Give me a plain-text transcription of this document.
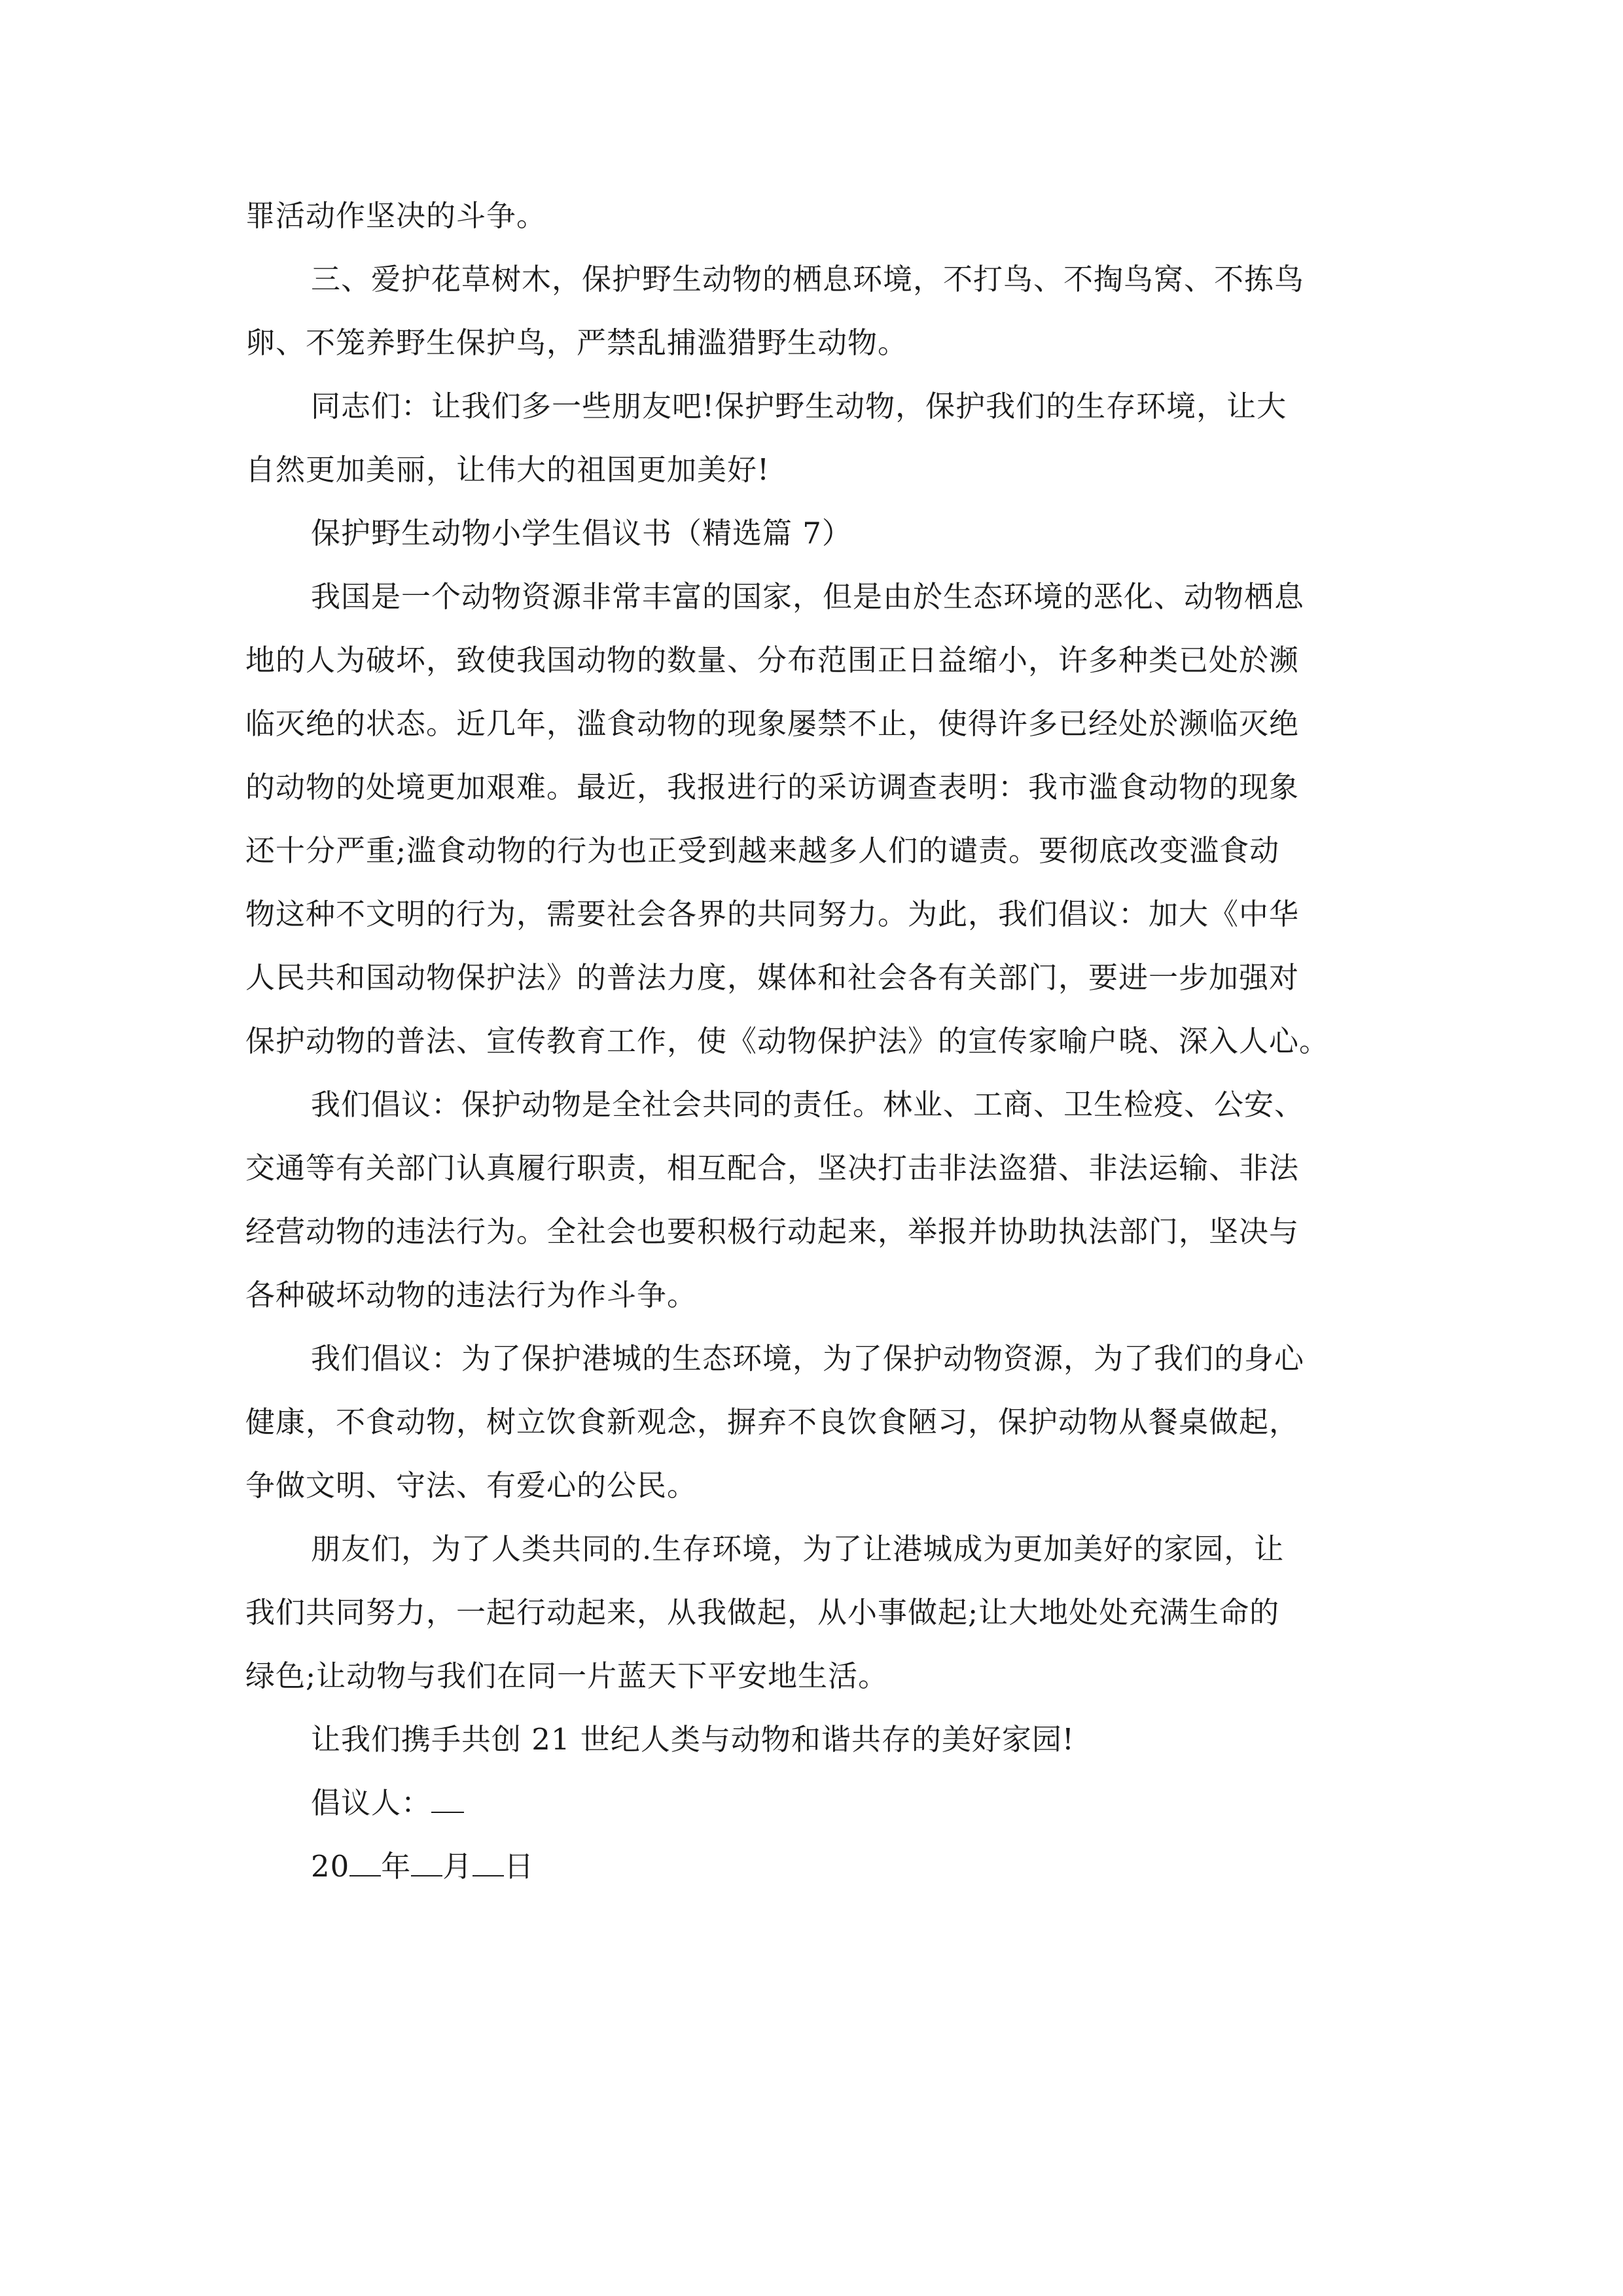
罪活动作坚决的斗争。
三、爱护花草树木，保护野生动物的栖息环境，不打鸟、不掏鸟窝、不拣鸟
卵、不笼养野生保护鸟，严禁乱捕滥猎野生动物。
同志们：让我们多一些朋友吧!保护野生动物，保护我们的生存环境，让大
自然更加美丽，让伟大的祖国更加美好!
保护野生动物小学生倡议书（精选篇 7）
我国是一个动物资源非常丰富的国家，但是由於生态环境的恶化、动物栖息
地的人为破坏，致使我国动物的数量、分布范围正日益缩小，许多种类已处於濒
临灭绝的状态。近几年，滥食动物的现象屡禁不止，使得许多已经处於濒临灭绝
的动物的处境更加艰难。最近，我报进行的采访调查表明：我市滥食动物的现象
还十分严重;滥食动物的行为也正受到越来越多人们的谴责。要彻底改变滥食动
物这种不文明的行为，需要社会各界的共同努力。为此，我们倡议：加大《中华
人民共和国动物保护法》的普法力度，媒体和社会各有关部门，要进一步加强对
保护动物的普法、宣传教育工作，使《动物保护法》的宣传家喻户晓、深入人心。
我们倡议：保护动物是全社会共同的责任。林业、工商、卫生检疫、公安、
交通等有关部门认真履行职责，相互配合，坚决打击非法盗猎、非法运输、非法
经营动物的违法行为。全社会也要积极行动起来，举报并协助执法部门，坚决与
各种破坏动物的违法行为作斗争。
我们倡议：为了保护港城的生态环境，为了保护动物资源，为了我们的身心
健康，不食动物，树立饮食新观念，摒弃不良饮食陋习，保护动物从餐桌做起，
争做文明、守法、有爱心的公民。
朋友们，为了人类共同的.生存环境，为了让港城成为更加美好的家园，让
我们共同努力，一起行动起来，从我做起，从小事做起;让大地处处充满生命的
绿色;让动物与我们在同一片蓝天下平安地生活。
让我们携手共创 21 世纪人类与动物和谐共存的美好家园!
倡议人：
20 年 月 日
